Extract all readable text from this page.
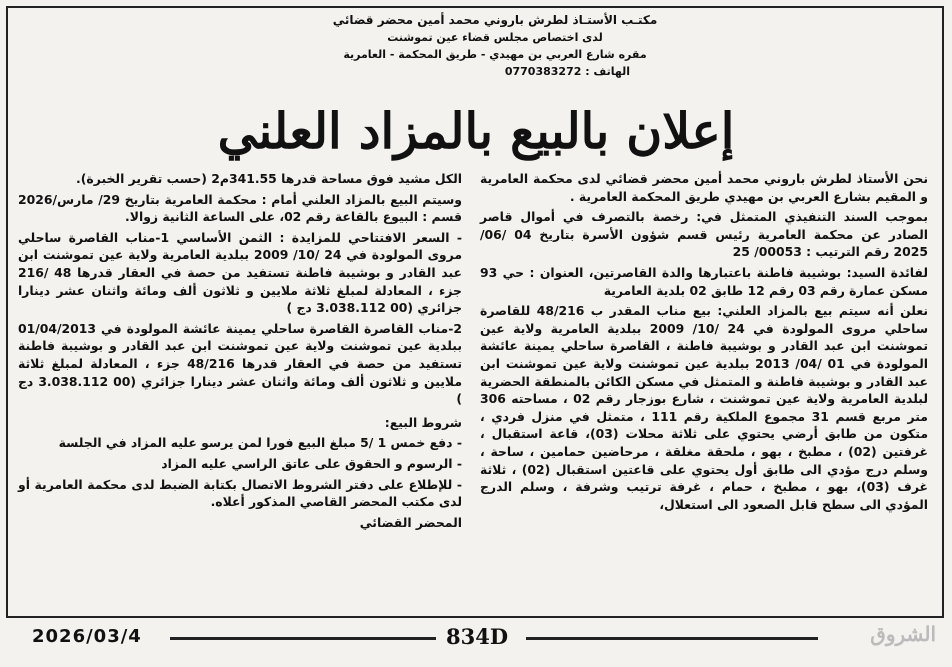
مكتـب الأستـاذ لطرش باروني محمد أمين محضر قضائي
لدى اختصاص مجلس قضاء عين تموشنت
مقره شارع العربي بن مهيدي - طريق المحكمة - العامرية
الهاتف : 0770383272
إعلان بالبيع بالمزاد العلني

نحن الأستاذ لطرش باروني محمد أمين محضر قضائي لدى محكمة العامرية و المقيم بشارع العربي بن مهيدي طريق المحكمة العامرية .

بموجب السند التنفيذي المتمثل في: رخصة بالتصرف في أموال قاصر الصادر عن محكمة العامرية رئيس قسم شؤون الأسرة بتاريخ 04 /06/ 2025 رقم الترتيب : 00053/ 25

لفائدة السيد: بوشيبة فاطنة باعتبارها والدة القاصرتين، العنوان : حي 93 مسكن عمارة رقم 03 رقم 12 طابق 02 بلدية العامرية

نعلن أنه سيتم بيع بالمزاد العلني: بيع مناب المقدر ب 48/216 للقاصرة ساحلي مروى المولودة في 24 /10/ 2009 ببلدية العامرية ولاية عين تموشنت ابن عبد القادر و بوشيبة فاطنة ، القاصرة ساحلي يمينة عائشة المولودة في 01 /04/ 2013 ببلدية عين تموشنت ولاية عين تموشنت ابن عبد القادر و بوشيبة فاطنة و المتمثل في مسكن الكائن بالمنطقة الحضرية لبلدية العامرية ولاية عين تموشنت ، شارع بوزجار رقم 02 ، مساحته 306 متر مربع قسم 31 مجموع الملكية رقم 111 ، متمثل في منزل فردي ، متكون من طابق أرضي يحتوي على ثلاثة محلات (03)، قاعة استقبال ، غرفتين (02) ، مطبخ ، بهو ، ملحقة مغلقة ، مرحاضين حمامين ، ساحة ، وسلم درج مؤدي الى طابق أول يحتوي على قاعتين استقبال (02) ، ثلاثة غرف (03)، بهو ، مطبخ ، حمام ، غرفة ترتيب وشرفة ، وسلم الدرج المؤدي الى سطح قابل الصعود الى استعلال،

الكل مشيد فوق مساحة قدرها 341.55م2 (حسب تقرير الخبرة).

وسيتم البيع بالمزاد العلني أمام : محكمة العامرية بتاريخ 29/ مارس/2026 قسم : البيوع بالقاعة رقم 02، على الساعة الثانية زوالا.

- السعر الافتتاحي للمزايدة : الثمن الأساسي 1-مناب القاصرة ساحلي مروى المولودة في 24 /10/ 2009 ببلدية العامرية ولاية عين تموشنت ابن عبد القادر و بوشيبة فاطنة تستفيد من حصة في العقار قدرها 48 /216 جزء ، المعادلة لمبلغ ثلاثة ملايين و ثلاثون ألف ومائة واثنان عشر دينارا جزائري (00 3.038.112 دج )

2-مناب القاصرة القاصرة ساحلي يمينة عائشة المولودة في 01/04/2013 ببلدية عين تموشنت ولاية عين تموشنت ابن عبد القادر و بوشيبة فاطنة تستفيد من حصة في العقار قدرها 48/216 جزء ، المعادلة لمبلغ ثلاثة ملايين و ثلاثون ألف ومائة واثنان عشر دينارا جزائري (00 3.038.112 دج )

شروط البيع:

- دفع خمس 1 /5 مبلغ البيع فورا لمن يرسو عليه المزاد في الجلسة

- الرسوم و الحقوق على عاتق الراسي عليه المزاد

- للإطلاع على دفتر الشروط الاتصال بكتابة الضبط لدى محكمة العامرية أو لدى مكتب المحضر القاصي المذكور أعلاه.

المحضر القضائي

2026/03/4	834D	الشروق
